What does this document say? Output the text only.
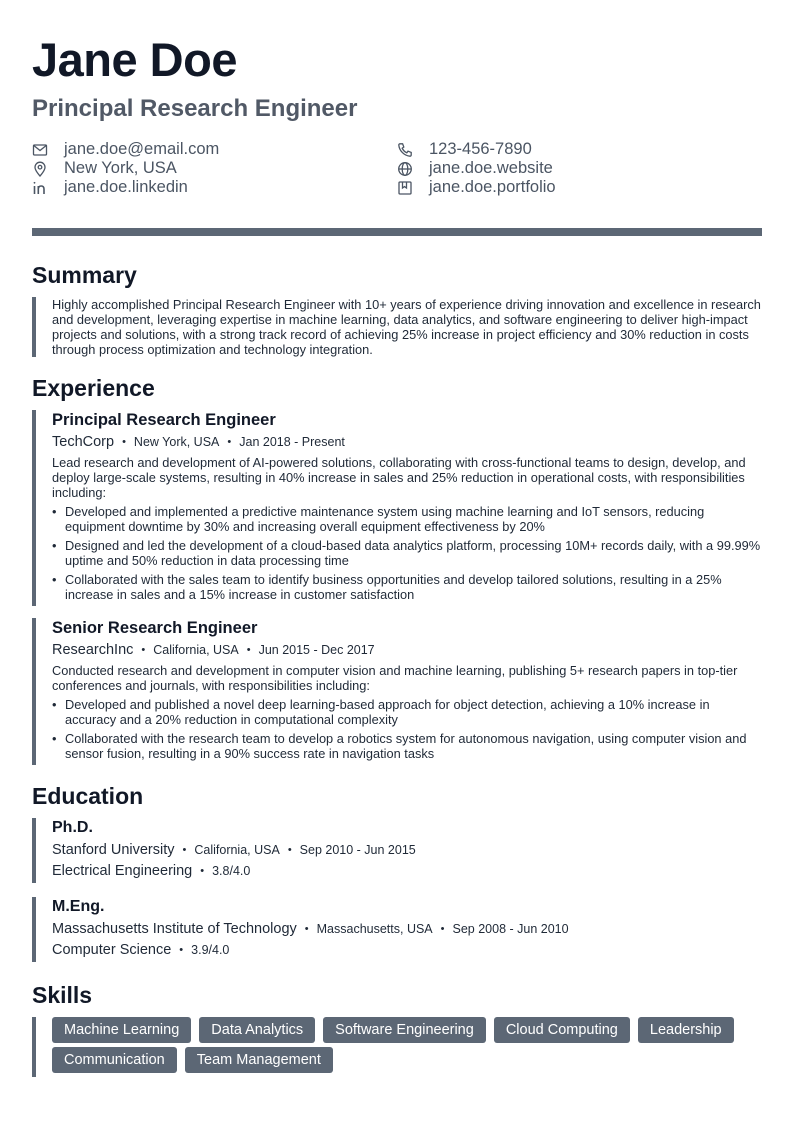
Jane Doe
Principal Research Engineer
jane.doe@email.com	123-456-7890
New York, USA	jane.doe.website
jane.doe.linkedin	jane.doe.portfolio
Summary
Highly accomplished Principal Research Engineer with 10+ years of experience driving innovation and excellence in research and development, leveraging expertise in machine learning, data analytics, and software engineering to deliver high-impact projects and solutions, with a strong track record of achieving 25% increase in project efficiency and 30% reduction in costs through process optimization and technology integration.
Experience
Principal Research Engineer
TechCorp • New York, USA • Jan 2018 - Present
Lead research and development of AI-powered solutions, collaborating with cross-functional teams to design, develop, and deploy large-scale systems, resulting in 40% increase in sales and 25% reduction in operational costs, with responsibilities including:
• Developed and implemented a predictive maintenance system using machine learning and IoT sensors, reducing equipment downtime by 30% and increasing overall equipment effectiveness by 20%
• Designed and led the development of a cloud-based data analytics platform, processing 10M+ records daily, with a 99.99% uptime and 50% reduction in data processing time
• Collaborated with the sales team to identify business opportunities and develop tailored solutions, resulting in a 25% increase in sales and a 15% increase in customer satisfaction
Senior Research Engineer
ResearchInc • California, USA • Jun 2015 - Dec 2017
Conducted research and development in computer vision and machine learning, publishing 5+ research papers in top-tier conferences and journals, with responsibilities including:
• Developed and published a novel deep learning-based approach for object detection, achieving a 10% increase in accuracy and a 20% reduction in computational complexity
• Collaborated with the research team to develop a robotics system for autonomous navigation, using computer vision and sensor fusion, resulting in a 90% success rate in navigation tasks
Education
Ph.D.
Stanford University • California, USA • Sep 2010 - Jun 2015
Electrical Engineering • 3.8/4.0
M.Eng.
Massachusetts Institute of Technology • Massachusetts, USA • Sep 2008 - Jun 2010
Computer Science • 3.9/4.0
Skills
Machine Learning	Data Analytics	Software Engineering	Cloud Computing	Leadership
Communication	Team Management
